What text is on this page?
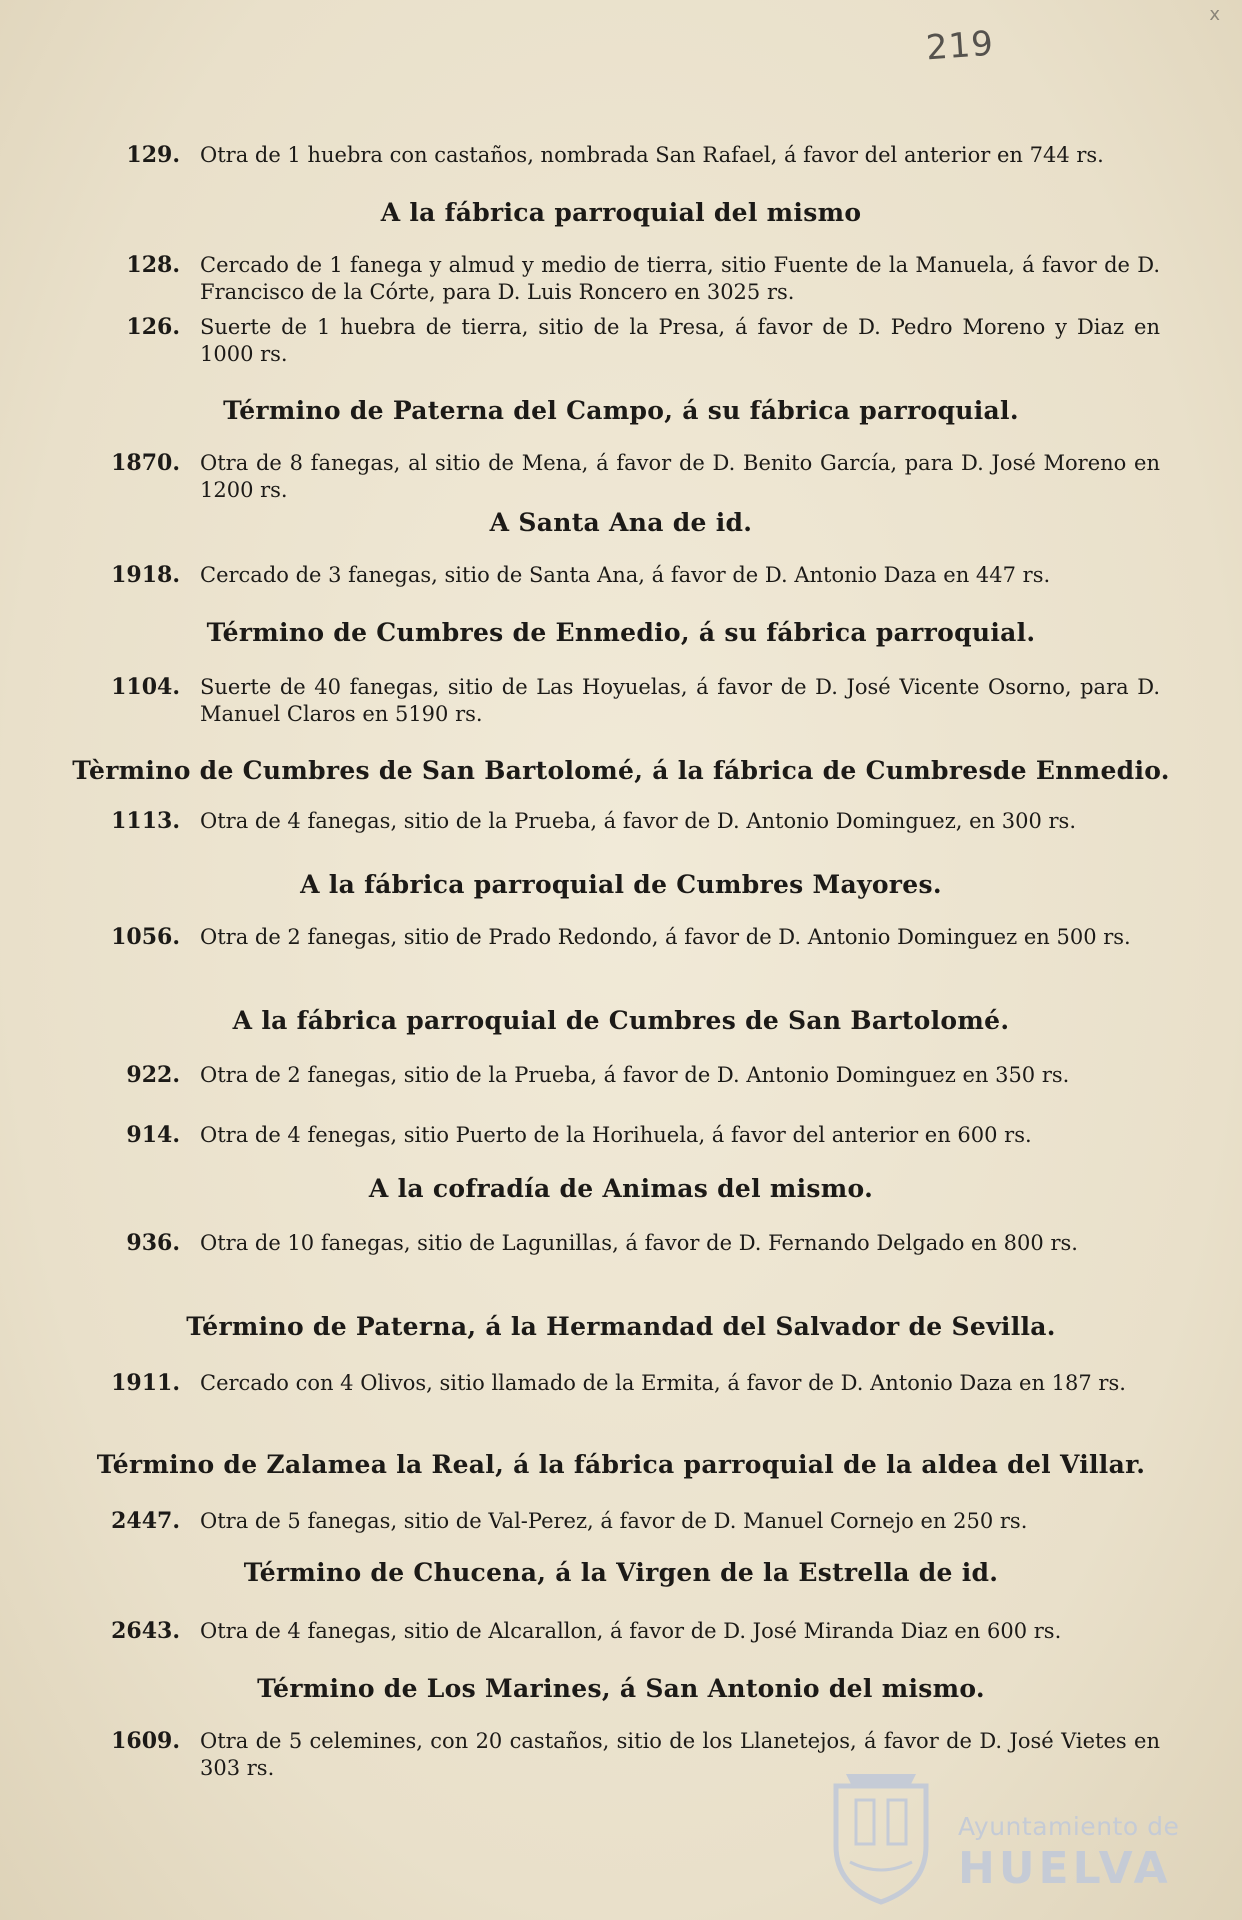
x
219
129. Otra de 1 huebra con castaños, nombrada San Rafael, á favor del anterior en 744 rs.
A la fábrica parroquial del mismo
128. Cercado de 1 fanega y almud y medio de tierra, sitio Fuente de la Manuela, á favor de D. Francisco de la Córte, para D. Luis Roncero en 3025 rs.
126. Suerte de 1 huebra de tierra, sitio de la Presa, á favor de D. Pedro Moreno y Diaz en 1000 rs.
Término de Paterna del Campo, á su fábrica parroquial.
1870. Otra de 8 fanegas, al sitio de Mena, á favor de D. Benito García, para D. José Moreno en 1200 rs.
A Santa Ana de id.
1918. Cercado de 3 fanegas, sitio de Santa Ana, á favor de D. Antonio Daza en 447 rs.
Término de Cumbres de Enmedio, á su fábrica parroquial.
1104. Suerte de 40 fanegas, sitio de Las Hoyuelas, á favor de D. José Vicente Osorno, para D. Manuel Claros en 5190 rs.
Tèrmino de Cumbres de San Bartolomé, á la fábrica de Cumbresde Enmedio.
1113. Otra de 4 fanegas, sitio de la Prueba, á favor de D. Antonio Dominguez, en 300 rs.
A la fábrica parroquial de Cumbres Mayores.
1056. Otra de 2 fanegas, sitio de Prado Redondo, á favor de D. Antonio Dominguez en 500 rs.
A la fábrica parroquial de Cumbres de San Bartolomé.
922. Otra de 2 fanegas, sitio de la Prueba, á favor de D. Antonio Dominguez en 350 rs.
914. Otra de 4 fenegas, sitio Puerto de la Horihuela, á favor del anterior en 600 rs.
A la cofradía de Animas del mismo.
936. Otra de 10 fanegas, sitio de Lagunillas, á favor de D. Fernando Delgado en 800 rs.
Término de Paterna, á la Hermandad del Salvador de Sevilla.
1911. Cercado con 4 Olivos, sitio llamado de la Ermita, á favor de D. Antonio Daza en 187 rs.
Término de Zalamea la Real, á la fábrica parroquial de la aldea del Villar.
2447. Otra de 5 fanegas, sitio de Val-Perez, á favor de D. Manuel Cornejo en 250 rs.
Término de Chucena, á la Virgen de la Estrella de id.
2643. Otra de 4 fanegas, sitio de Alcarallon, á favor de D. José Miranda Diaz en 600 rs.
Término de Los Marines, á San Antonio del mismo.
1609. Otra de 5 celemines, con 20 castaños, sitio de los Llanetejos, á favor de D. José Vietes en 303 rs.
Ayuntamiento de
HUELVA
